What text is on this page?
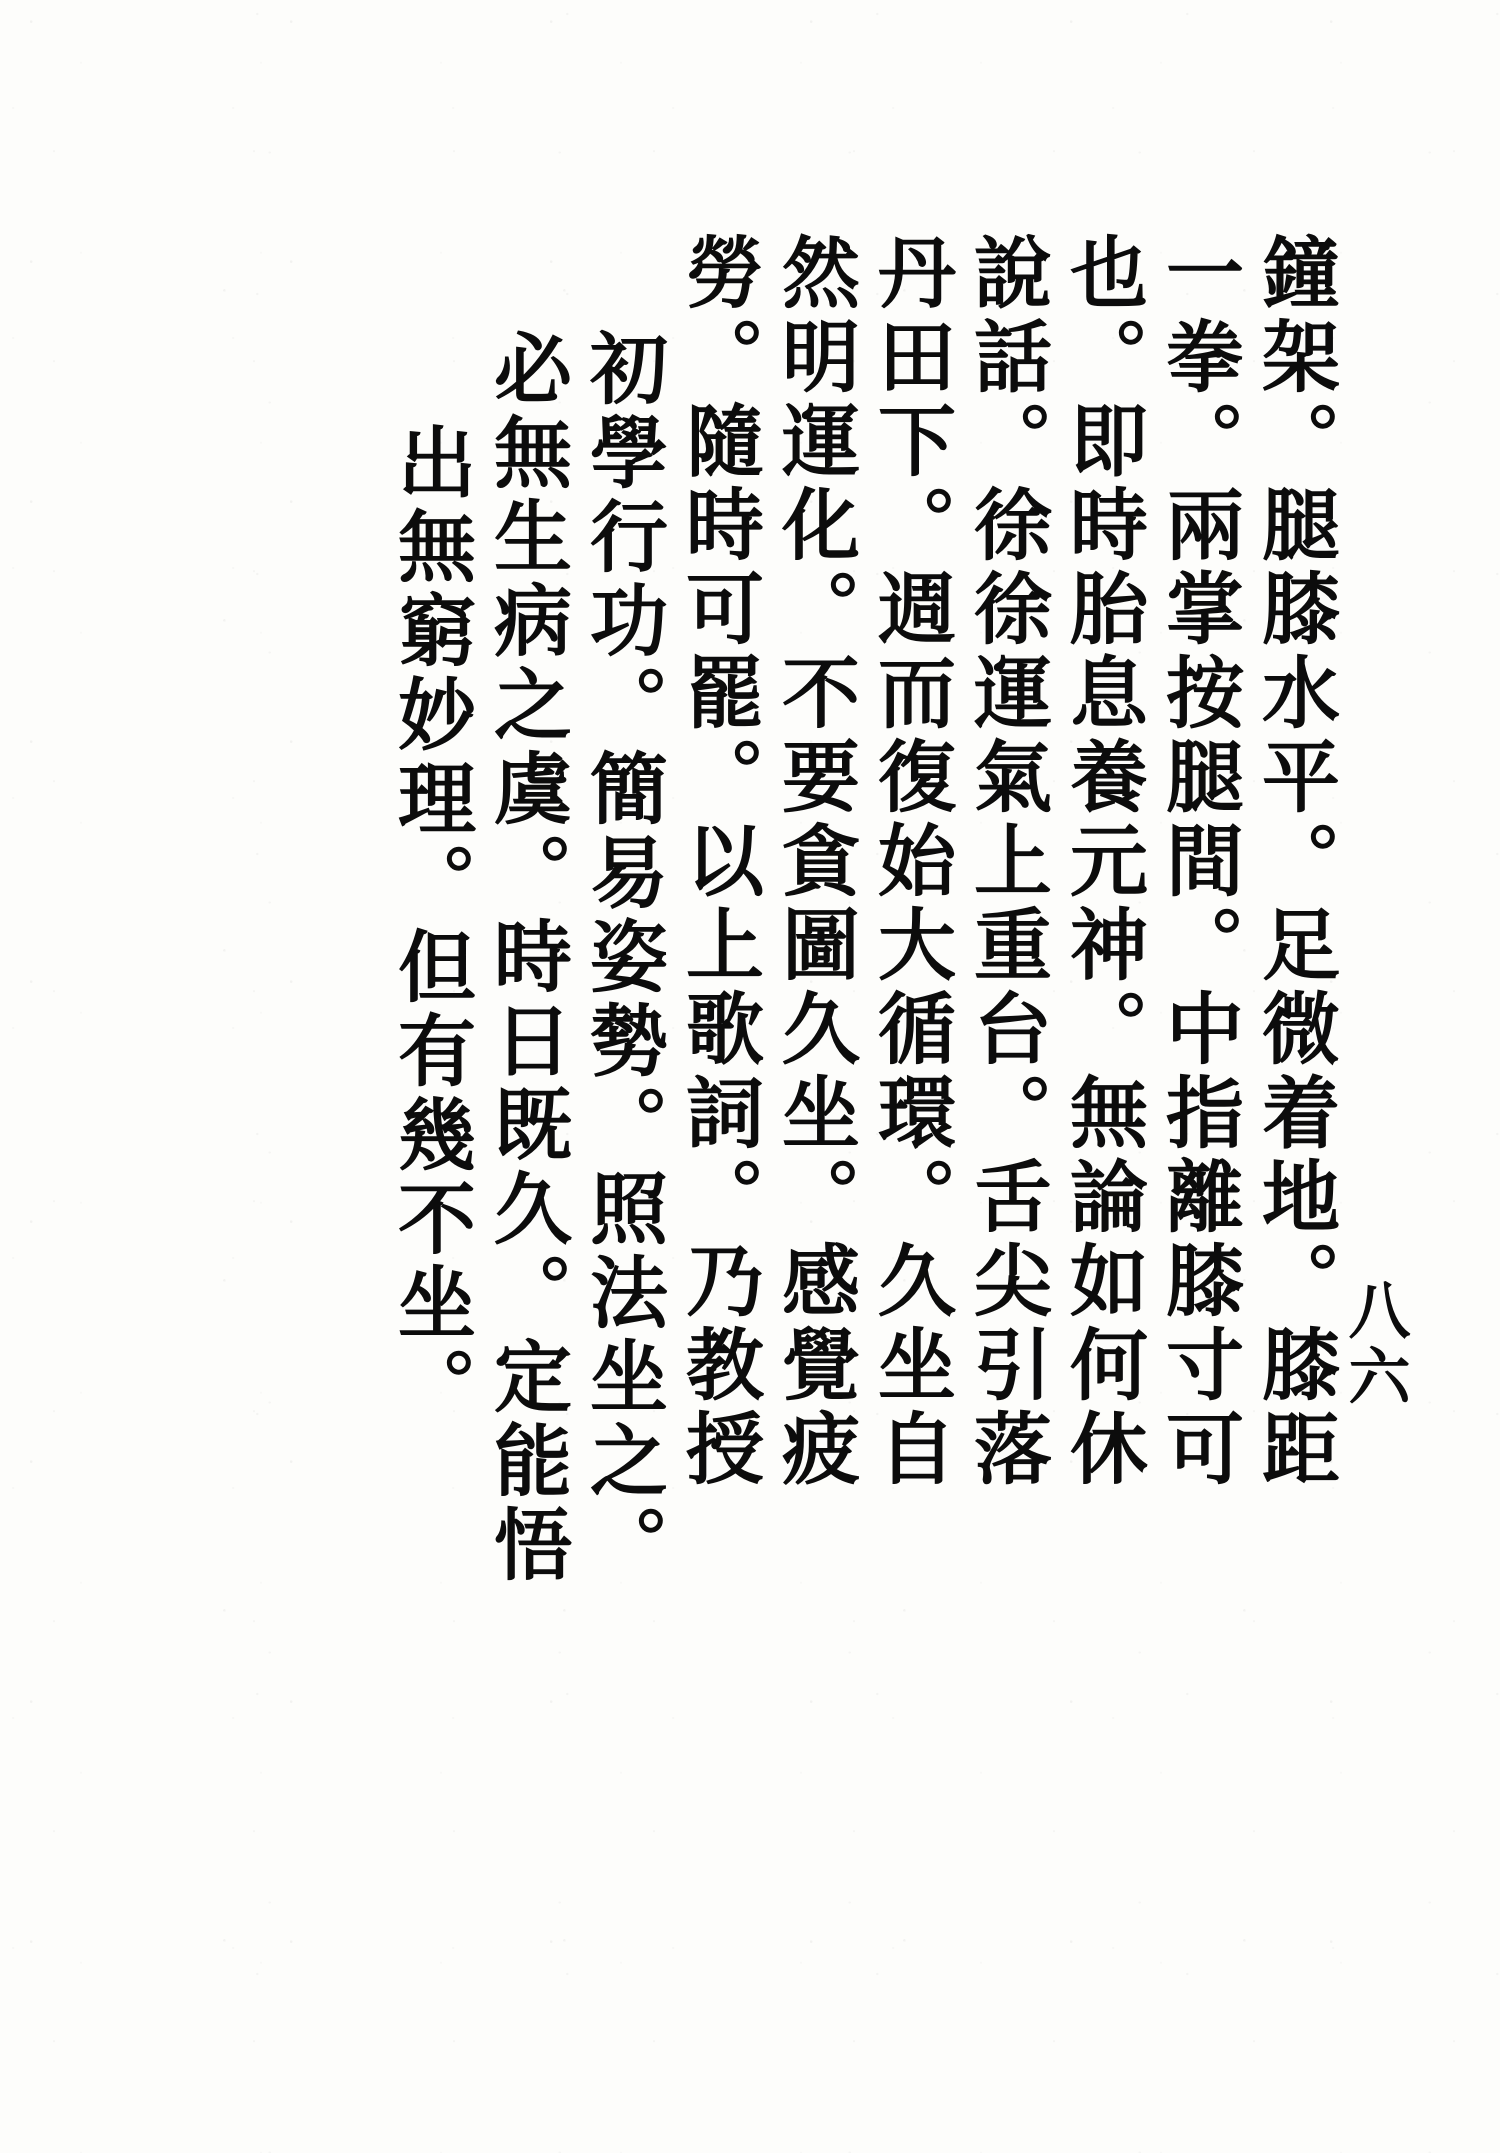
鐘架。腿膝水平。足微着地。膝距
一拳。兩掌按腿間。中指離膝寸可
也。即時胎息養元神。無論如何休
說話。徐徐運氣上重台。舌尖引落
丹田下。週而復始大循環。久坐自
然明運化。不要貪圖久坐。感覺疲
勞。隨時可罷。以上歌詞。乃教授
初學行功。簡易姿勢。照法坐之。
必無生病之虞。時日既久。定能悟
出無窮妙理。但有幾不坐。	八六
